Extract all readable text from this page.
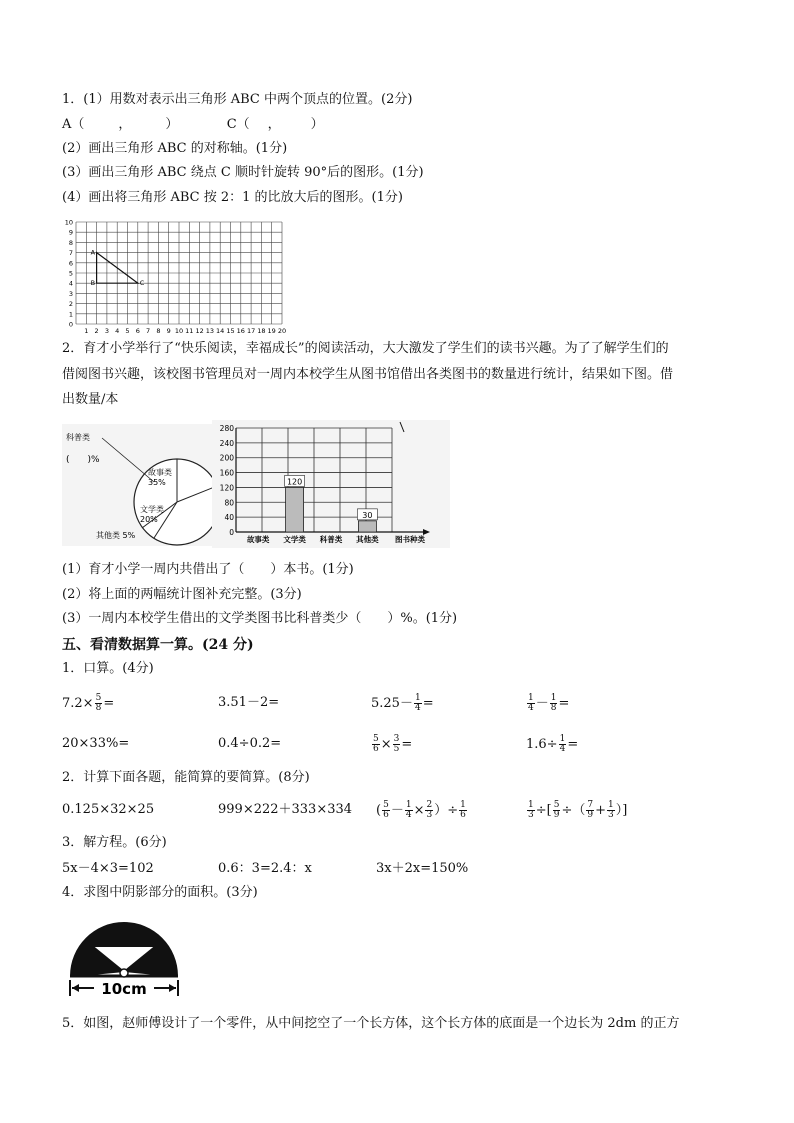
1．(1）用数对表示出三角形 ABC 中两个顶点的位置。(2分)
A（	，	）	C（ ， ）
(2）画出三角形 ABC 的对称轴。(1分)
(3）画出三角形 ABC 绕点 C 顺时针旋转 90°后的图形。(1分)
(4）画出将三角形 ABC 按 2：1 的比放大后的图形。(1分)
1 2 3 4 5 6 7 8 9 10 11 12 13 14 15 16 17 18 19 20
0
1
2
3
4
5
6
7
8
9
10
A
B	C
2．育才小学举行了“快乐阅读，幸福成长”的阅读活动，大大激发了学生们的读书兴趣。为了了解学生们的
借阅图书兴趣，该校图书管理员对一周内本校学生从图书馆借出各类图书的数量进行统计，结果如下图。借
出数量/本
科普类
(　　)%
故事类
35%
文学类
20%
其他类 5%	0
40
80
120
160
200
240
280
故事类 文学类
120
科普类 其他类
30
图书种类
(1）育才小学一周内共借出了（　　）本书。(1分)
(2）将上面的两幅统计图补充完整。(3分)
(3）一周内本校学生借出的文学类图书比科普类少（　　）%。(1分)
五、看清数据算一算。(24 分)
1．口算。(4分)
$7.2\times \frac{5}{8}$ =	3.51－2=	$5.25- \frac{1}{4}$ =	$\frac{1}{4} - \frac{1}{8}$ =
20×33%=	0.4÷0.2=	$\frac{5}{6} \times \frac{3}{5}$ =	$1.6\div \frac{1}{4}$ =
2．计算下面各题，能简算的要简算。(8分)
0.125×32×25	999×222＋333×334 ( $\frac{5}{6} - \frac{1}{4} \times \frac{2}{3}$ ）÷ $\frac{1}{6}$	$\frac{1}{3}$ ÷[ $\frac{5}{9}$ ÷（ $\frac{7}{9} + \frac{1}{3}$ ）]
3．解方程。(6分)
5x－4×3=102	0.6：3=2.4：x	3x＋2x=150%
4．求图中阴影部分的面积。(3分)
10cm
5．如图，赵师傅设计了一个零件，从中间挖空了一个长方体，这个长方体的底面是一个边长为 2dm 的正方
